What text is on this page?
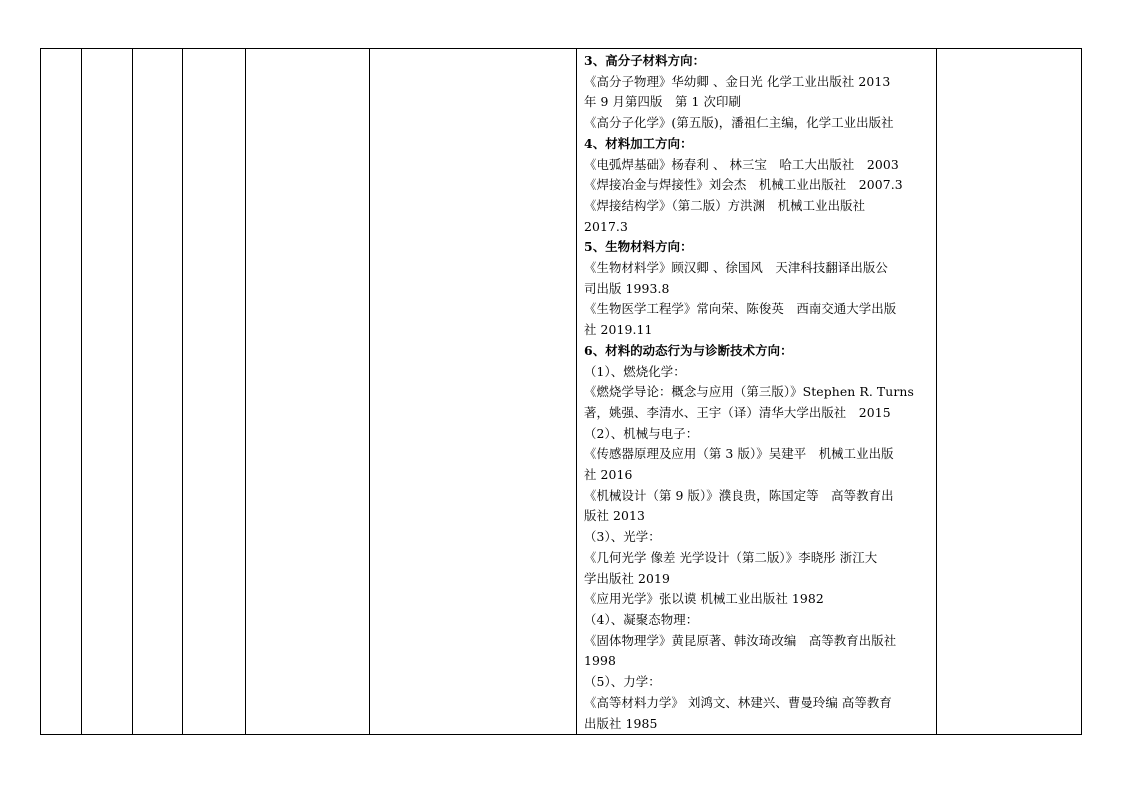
3、高分子材料方向：
《高分子物理》华幼卿 、金日光 化学工业出版社 2013
年 9 月第四版　第 1 次印刷
《高分子化学》(第五版)，潘祖仁主编，化学工业出版社
4、材料加工方向：
《电弧焊基础》杨春利 、 林三宝　哈工大出版社　2003
《焊接冶金与焊接性》刘会杰　机械工业出版社　2007.3
《焊接结构学》（第二版）方洪渊　机械工业出版社
2017.3
5、生物材料方向：
《生物材料学》顾汉卿 、徐国风　天津科技翻译出版公
司出版 1993.8
《生物医学工程学》常向荣、陈俊英　西南交通大学出版
社 2019.11
6、材料的动态行为与诊断技术方向：
（1）、燃烧化学：
《燃烧学导论：概念与应用（第三版）》Stephen R. Turns
著，姚强、李清水、王宇（译）清华大学出版社　2015
（2）、机械与电子：
《传感器原理及应用（第 3 版）》吴建平　机械工业出版
社 2016
《机械设计（第 9 版）》濮良贵，陈国定等　高等教育出
版社 2013
（3）、光学：
《几何光学 像差 光学设计（第二版）》李晓彤 浙江大
学出版社 2019
《应用光学》张以谟 机械工业出版社 1982
（4）、凝聚态物理：
《固体物理学》黄昆原著、韩汝琦改编　高等教育出版社
1998
（5）、力学：
《高等材料力学》 刘鸿文、林建兴、曹曼玲编 高等教育
出版社 1985
